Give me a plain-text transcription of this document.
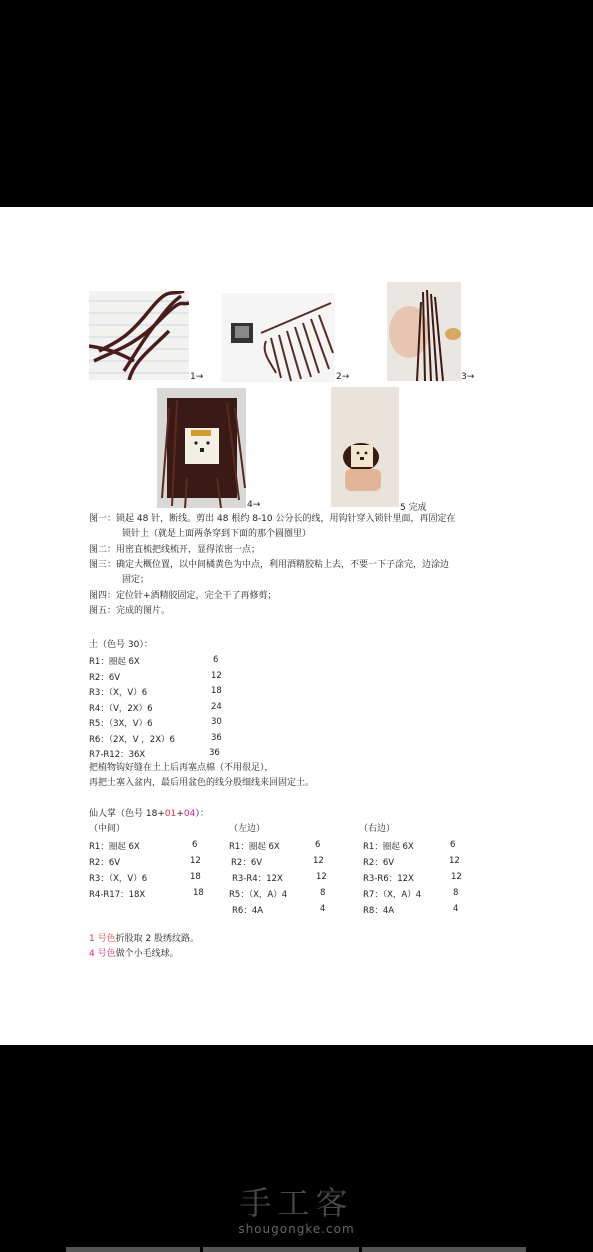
1→	2→	3→
4→	5 完成
图一：锁起 48 针，断线。剪出 48 根约 8-10 公分长的线，用钩针穿入锁针里面，再固定在
锁针上（就是上面两条穿到下面的那个圆圈里）
图二：用密直梳把线梳开，显得浓密一点；
图三：确定大概位置，以中间橘黄色为中点，利用酒精胶粘上去，不要一下子涂完，边涂边
固定；
图四：定位针+酒精胶固定，完全干了再修剪；
图五：完成的图片。
土（色号 30）：
R1：圈起 6X	6
R2：6V	12
R3：（X，V）6	18
R4：（V，2X）6	24
R5：（3X，V）6	30
R6：（2X，V ，2X）6	36
R7-R12：36X	36
把植物钩好缝在土上后再塞点棉（不用很足），
再把土塞入盆内，最后用盆色的线分股细线来回固定土。
仙人掌（色号 18+01+04）：
（中间）
R1：圈起 6X	6
R2：6V	12
R3：（X，V）6	18
R4-R17：18X	18
（左边）
R1：圈起 6X	6
R2：6V	12
R3-R4：12X	12
R5：（X，A）4	8
R6：4A	4
（右边）
R1：圈起 6X	6
R2：6V	12
R3-R6：12X	12
R7：（X，A）4	8
R8：4A	4
1 号色折股取 2 股绣纹路。
4 号色做个小毛线球。
手工客
shougongke.com
